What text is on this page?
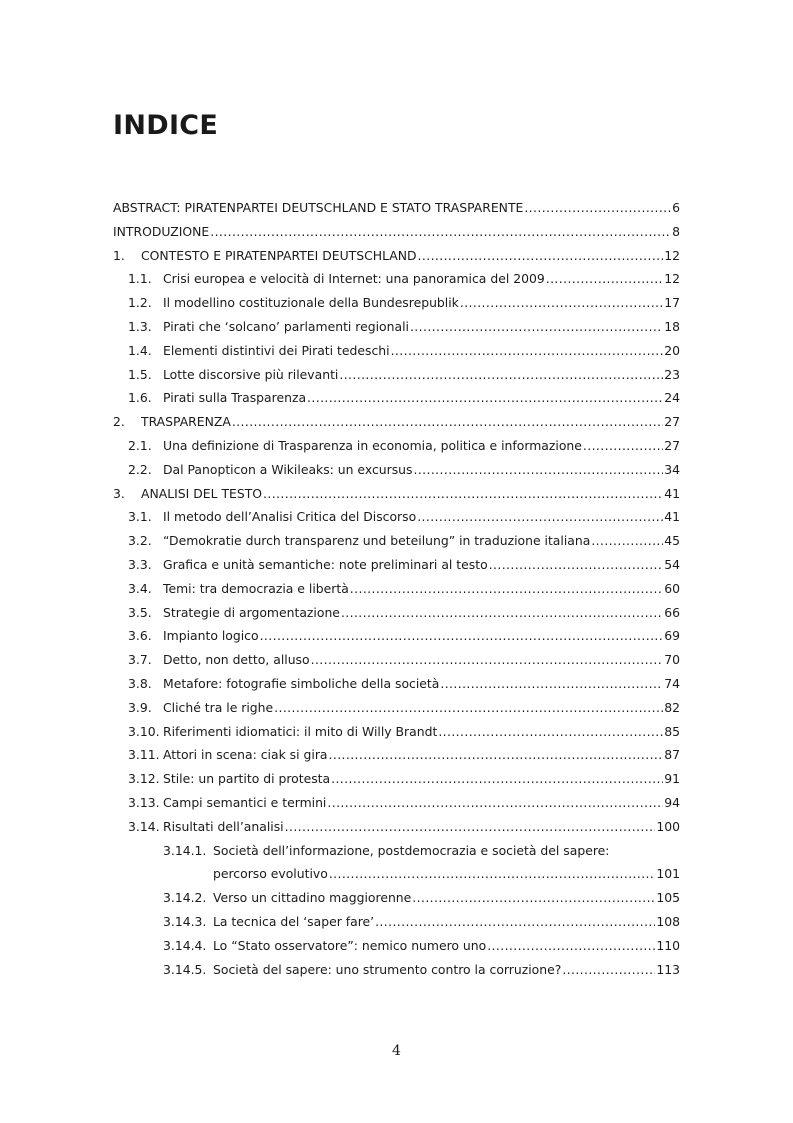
INDICE
ABSTRACT: PIRATENPARTEI DEUTSCHLAND E STATO TRASPARENTE .....	6
INTRODUZIONE .....	8
1.	CONTESTO E PIRATENPARTEI DEUTSCHLAND .....	12
1.1. Crisi europea e velocità di Internet: una panoramica del 2009 .....	12
1.2. Il modellino costituzionale della Bundesrepublik .....	17
1.3. Pirati che ‘solcano’ parlamenti regionali .....	18
1.4. Elementi distintivi dei Pirati tedeschi .....	20
1.5. Lotte discorsive più rilevanti .....	23
1.6. Pirati sulla Trasparenza .....	24
2.	TRASPARENZA .....	27
2.1. Una definizione di Trasparenza in economia, politica e informazione .....	27
2.2. Dal Panopticon a Wikileaks: un excursus .....	34
3.	ANALISI DEL TESTO .....	41
3.1. Il metodo dell’Analisi Critica del Discorso .....	41
3.2. “Demokratie durch transparenz und beteilung” in traduzione italiana .....	45
3.3. Grafica e unità semantiche: note preliminari al testo .....	54
3.4. Temi: tra democrazia e libertà .....	60
3.5. Strategie di argomentazione .....	66
3.6. Impianto logico .....	69
3.7. Detto, non detto, alluso .....	70
3.8. Metafore: fotografie simboliche della società .....	74
3.9. Cliché tra le righe .....	82
3.10. Riferimenti idiomatici: il mito di Willy Brandt .....	85
3.11. Attori in scena: ciak si gira .....	87
3.12. Stile: un partito di protesta .....	91
3.13. Campi semantici e termini .....	94
3.14. Risultati dell’analisi .....	100
3.14.1. Società dell’informazione, postdemocrazia e società del sapere:
percorso evolutivo .....	101
3.14.2. Verso un cittadino maggiorenne .....	105
3.14.3. La tecnica del ‘saper fare’ .....	108
3.14.4. Lo “Stato osservatore”: nemico numero uno .....	110
3.14.5. Società del sapere: uno strumento contro la corruzione? .....	113
4
